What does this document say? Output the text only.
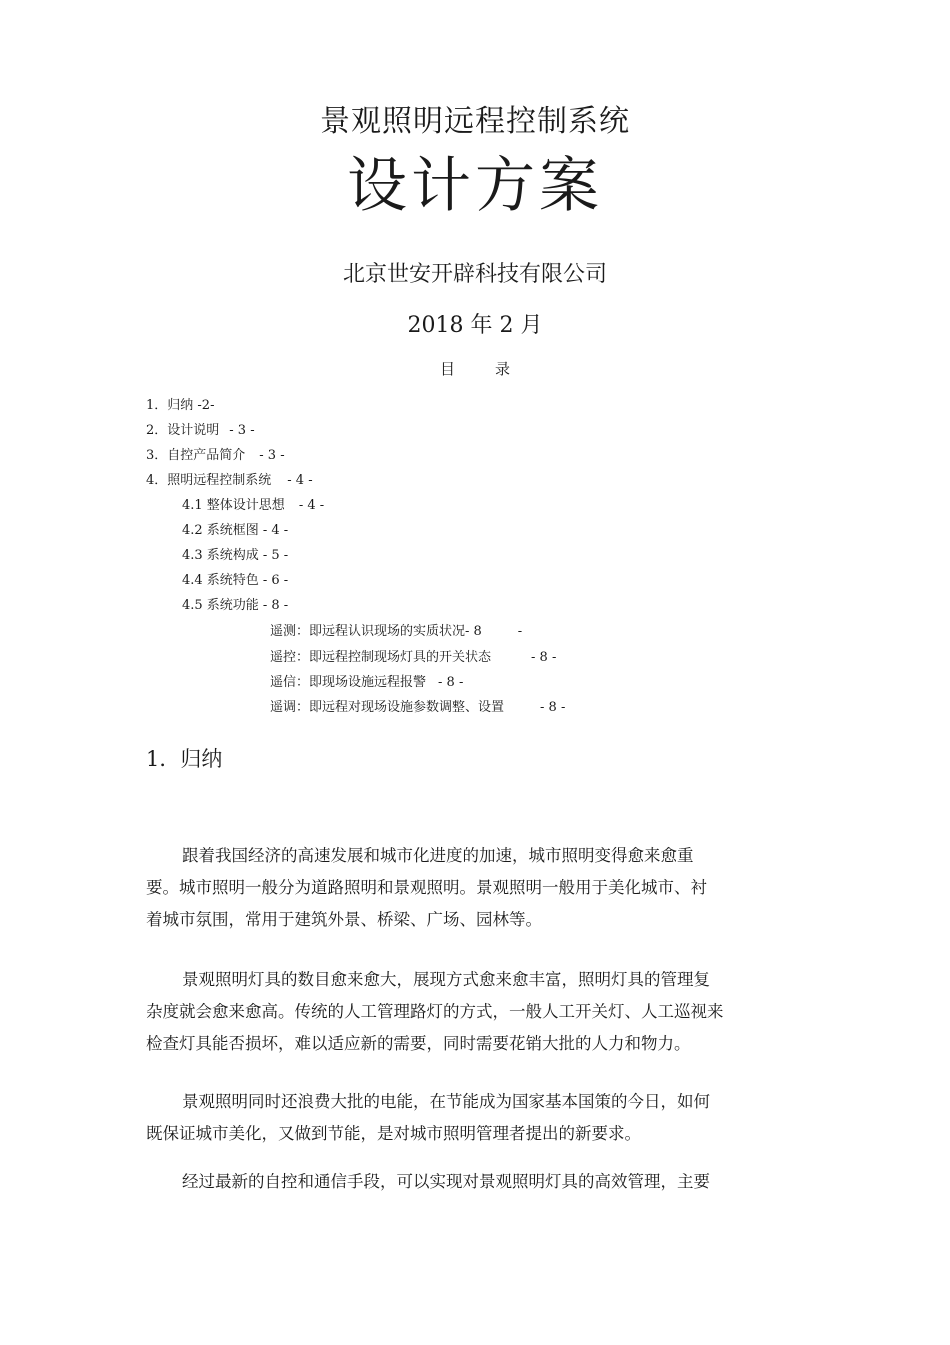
景观照明远程控制系统
设计方案
北京世安开辟科技有限公司
2018 年 2 月
目	录
1．归纳 -2-
2．设计说明 - 3 -
3．自控产品简介 - 3 -
4．照明远程控制系统 - 4 -
4.1 整体设计思想 - 4 -
4.2 系统框图 - 4 -
4.3 系统构成 - 5 -
4.4 系统特色 - 6 -
4.5 系统功能 - 8 -
遥测：即远程认识现场的实质状况- 8	-
遥控：即远程控制现场灯具的开关状态	- 8 -
遥信：即现场设施远程报警 - 8 -
遥调：即远程对现场设施参数调整、设置	- 8 -
1．归纳
跟着我国经济的高速发展和城市化进度的加速，城市照明变得愈来愈重
要。城市照明一般分为道路照明和景观照明。景观照明一般用于美化城市、衬
着城市氛围，常用于建筑外景、桥梁、广场、园林等。
景观照明灯具的数目愈来愈大，展现方式愈来愈丰富，照明灯具的管理复
杂度就会愈来愈高。传统的人工管理路灯的方式，一般人工开关灯、人工巡视来
检查灯具能否损坏，难以适应新的需要，同时需要花销大批的人力和物力。
景观照明同时还浪费大批的电能，在节能成为国家基本国策的今日，如何
既保证城市美化，又做到节能，是对城市照明管理者提出的新要求。
经过最新的自控和通信手段，可以实现对景观照明灯具的高效管理，主要
